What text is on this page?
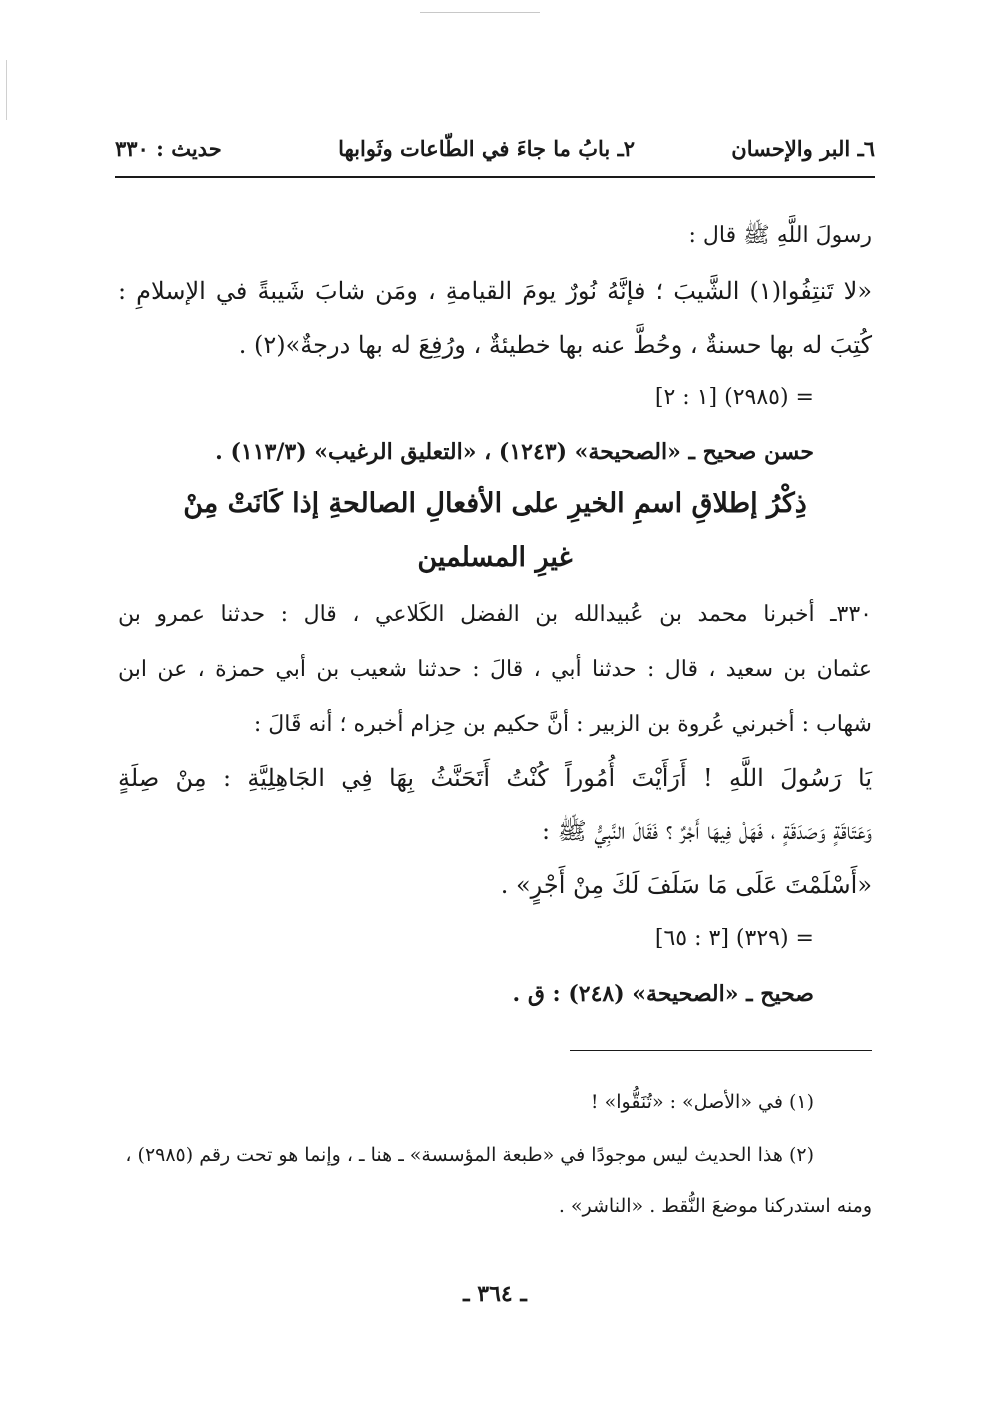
٦ـ البر والإحسان
٢ـ بابُ ما جاءَ في الطّاعات وثَوابها
حديث : ٣٣٠
رسولَ اللَّهِ ﷺ قال :
«لا تَنتِفُوا(١) الشَّيبَ ؛ فإنَّهُ نُورٌ يومَ القيامةِ ، ومَن شابَ شَيبةً في الإسلامِ :
كُتِبَ له بها حسنةٌ ، وحُطَّ عنه بها خطيئةٌ ، ورُفِعَ له بها درجةٌ»(٢) .
= (٢٩٨٥) [١ : ٢]
حسن صحيح ـ «الصحيحة» (١٢٤٣) ، «التعليق الرغيب» (١١٣/٣) .
ذِكْرُ إطلاقِ اسمِ الخيرِ على الأفعالِ الصالحةِ إذا كَانَتْ مِنْ
غيرِ المسلمين
٣٣٠ـ أخبرنا محمد بن عُبيدالله بن الفضل الكَلاعي ، قال : حدثنا عمرو بن
عثمان بن سعيد ، قال : حدثنا أبي ، قالَ : حدثنا شعيب بن أبي حمزة ، عن ابن
شهاب : أخبرني عُروة بن الزبير : أنَّ حكيم بن حِزام أخبره ؛ أنه قَالَ :
يَا رَسُولَ اللَّهِ ! أَرَأَيْتَ أُمُوراً كُنْتُ أَتَحَنَّثُ بِهَا فِي الجَاهِلِيَّةِ : مِنْ صِلَةٍ
وَعَتَاقَةٍ وَصَدَقَةٍ ، فَهَلْ فِيهَا أَجْرٌ ؟ فَقَالَ النَّبِيُّ ﷺ :
«أَسْلَمْتَ عَلَى مَا سَلَفَ لَكَ مِنْ أَجْرٍ» .
= (٣٢٩) [٣ : ٦٥]
صحيح ـ «الصحيحة» (٢٤٨) : ق .
(١) في «الأصل» : «تُنَقُّوا» !
(٢) هذا الحديث ليس موجودًا في «طبعة المؤسسة» ـ هنا ـ ، وإنما هو تحت رقم (٢٩٨٥) ،
ومنه استدركنا موضعَ النُّقط . «الناشر» .
ـ ٣٦٤ ـ
